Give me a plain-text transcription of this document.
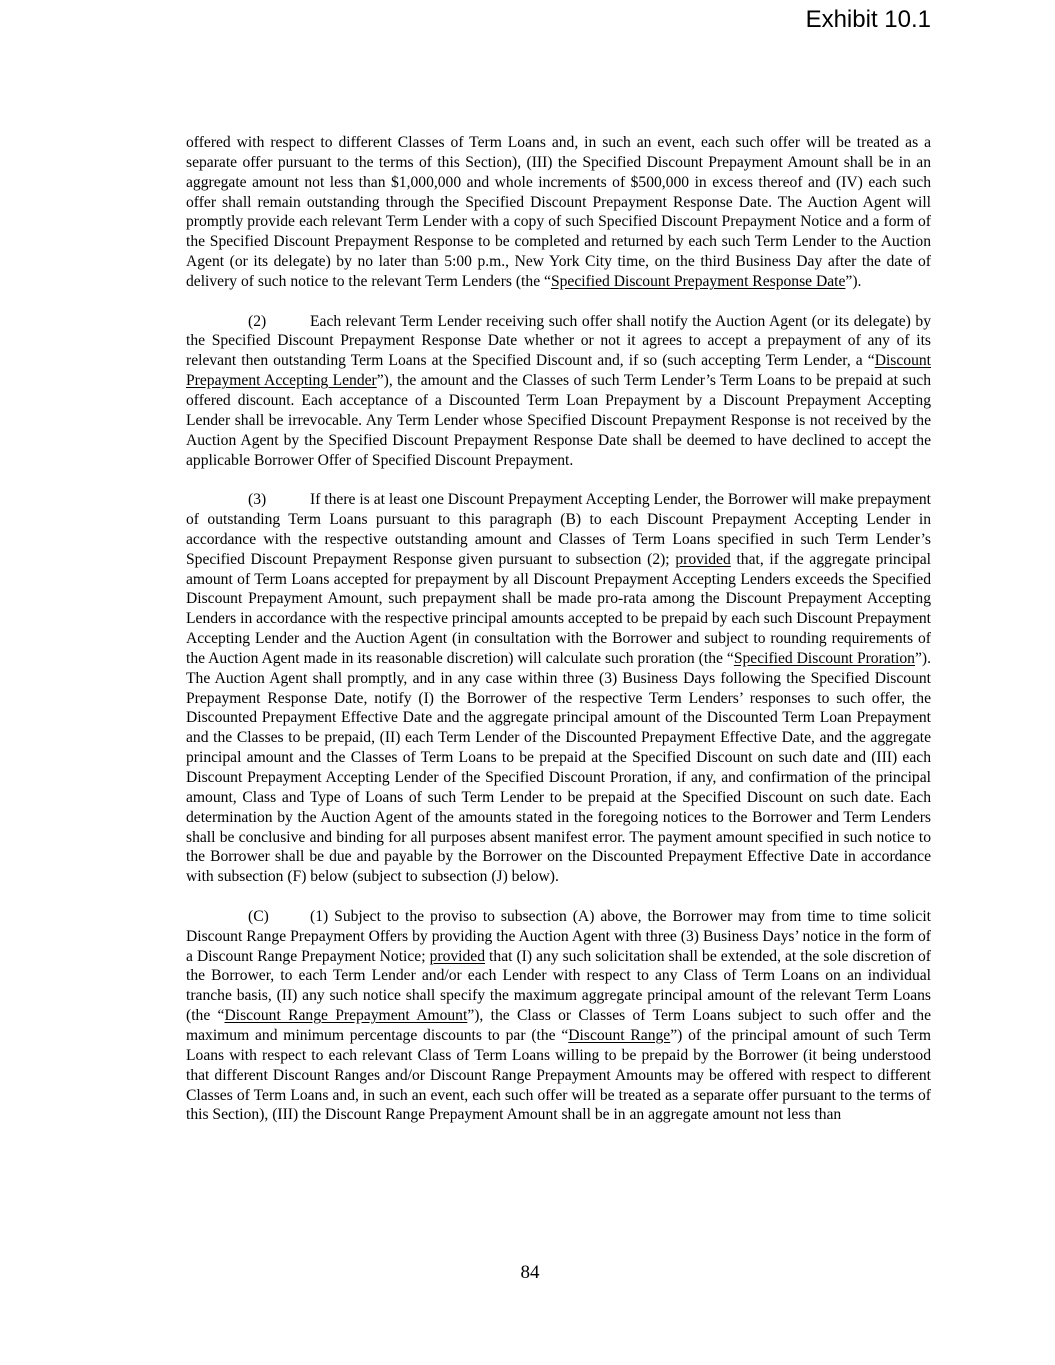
Exhibit 10.1

offered with respect to different Classes of Term Loans and, in such an event, each such offer will be treated as a separate offer pursuant to the terms of this Section), (III) the Specified Discount Prepayment Amount shall be in an aggregate amount not less than $1,000,000 and whole increments of $500,000 in excess thereof and (IV) each such offer shall remain outstanding through the Specified Discount Prepayment Response Date. The Auction Agent will promptly provide each relevant Term Lender with a copy of such Specified Discount Prepayment Notice and a form of the Specified Discount Prepayment Response to be completed and returned by each such Term Lender to the Auction Agent (or its delegate) by no later than 5:00 p.m., New York City time, on the third Business Day after the date of delivery of such notice to the relevant Term Lenders (the “Specified Discount Prepayment Response Date”).

(2)	Each relevant Term Lender receiving such offer shall notify the Auction Agent (or its delegate) by the Specified Discount Prepayment Response Date whether or not it agrees to accept a prepayment of any of its relevant then outstanding Term Loans at the Specified Discount and, if so (such accepting Term Lender, a “Discount Prepayment Accepting Lender”), the amount and the Classes of such Term Lender’s Term Loans to be prepaid at such offered discount. Each acceptance of a Discounted Term Loan Prepayment by a Discount Prepayment Accepting Lender shall be irrevocable. Any Term Lender whose Specified Discount Prepayment Response is not received by the Auction Agent by the Specified Discount Prepayment Response Date shall be deemed to have declined to accept the applicable Borrower Offer of Specified Discount Prepayment.

(3)	If there is at least one Discount Prepayment Accepting Lender, the Borrower will make prepayment of outstanding Term Loans pursuant to this paragraph (B) to each Discount Prepayment Accepting Lender in accordance with the respective outstanding amount and Classes of Term Loans specified in such Term Lender’s Specified Discount Prepayment Response given pursuant to subsection (2); provided that, if the aggregate principal amount of Term Loans accepted for prepayment by all Discount Prepayment Accepting Lenders exceeds the Specified Discount Prepayment Amount, such prepayment shall be made pro-rata among the Discount Prepayment Accepting Lenders in accordance with the respective principal amounts accepted to be prepaid by each such Discount Prepayment Accepting Lender and the Auction Agent (in consultation with the Borrower and subject to rounding requirements of the Auction Agent made in its reasonable discretion) will calculate such proration (the “Specified Discount Proration”). The Auction Agent shall promptly, and in any case within three (3) Business Days following the Specified Discount Prepayment Response Date, notify (I) the Borrower of the respective Term Lenders’ responses to such offer, the Discounted Prepayment Effective Date and the aggregate principal amount of the Discounted Term Loan Prepayment and the Classes to be prepaid, (II) each Term Lender of the Discounted Prepayment Effective Date, and the aggregate principal amount and the Classes of Term Loans to be prepaid at the Specified Discount on such date and (III) each Discount Prepayment Accepting Lender of the Specified Discount Proration, if any, and confirmation of the principal amount, Class and Type of Loans of such Term Lender to be prepaid at the Specified Discount on such date. Each determination by the Auction Agent of the amounts stated in the foregoing notices to the Borrower and Term Lenders shall be conclusive and binding for all purposes absent manifest error. The payment amount specified in such notice to the Borrower shall be due and payable by the Borrower on the Discounted Prepayment Effective Date in accordance with subsection (F) below (subject to subsection (J) below).

(C)	(1) Subject to the proviso to subsection (A) above, the Borrower may from time to time solicit Discount Range Prepayment Offers by providing the Auction Agent with three (3) Business Days’ notice in the form of a Discount Range Prepayment Notice; provided that (I) any such solicitation shall be extended, at the sole discretion of the Borrower, to each Term Lender and/or each Lender with respect to any Class of Term Loans on an individual tranche basis, (II) any such notice shall specify the maximum aggregate principal amount of the relevant Term Loans (the “Discount Range Prepayment Amount”), the Class or Classes of Term Loans subject to such offer and the maximum and minimum percentage discounts to par (the “Discount Range”) of the principal amount of such Term Loans with respect to each relevant Class of Term Loans willing to be prepaid by the Borrower (it being understood that different Discount Ranges and/or Discount Range Prepayment Amounts may be offered with respect to different Classes of Term Loans and, in such an event, each such offer will be treated as a separate offer pursuant to the terms of this Section), (III) the Discount Range Prepayment Amount shall be in an aggregate amount not less than

84
